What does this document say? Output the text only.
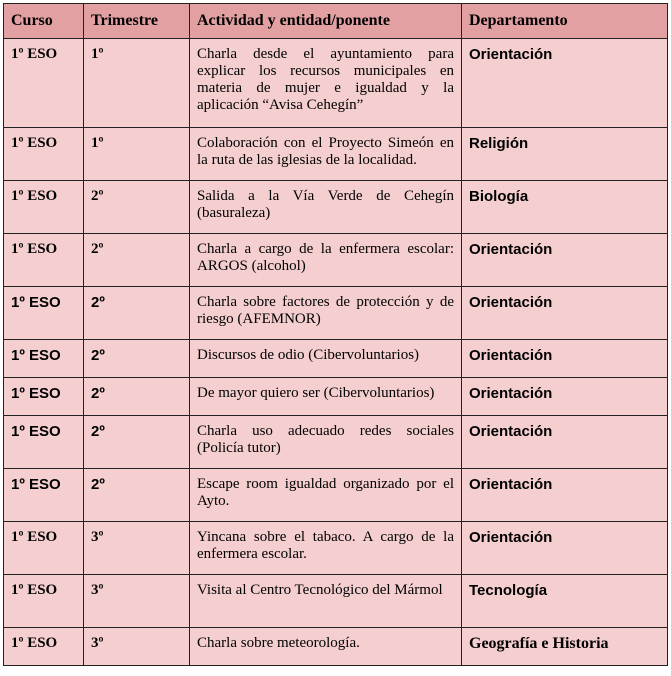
Curso	Trimestre	Actividad y entidad/ponente	Departamento
1º ESO	1º	Charla desde el ayuntamiento para explicar los recursos municipales en materia de mujer e igualdad y la aplicación “Avisa Cehegín”	Orientación
1º ESO	1º	Colaboración con el Proyecto Simeón en la ruta de las iglesias de la localidad.	Religión
1º ESO	2º	Salida a la Vía Verde de Cehegín (basuraleza)	Biología
1º ESO	2º	Charla a cargo de la enfermera escolar: ARGOS (alcohol)	Orientación
1º ESO	2º	Charla sobre factores de protección y de riesgo (AFEMNOR)	Orientación
1º ESO	2º	Discursos de odio (Cibervoluntarios)	Orientación
1º ESO	2º	De mayor quiero ser (Cibervoluntarios)	Orientación
1º ESO	2º	Charla uso adecuado redes sociales (Policía tutor)	Orientación
1º ESO	2º	Escape room igualdad organizado por el Ayto.	Orientación
1º ESO	3º	Yincana sobre el tabaco. A cargo de la enfermera escolar.	Orientación
1º ESO	3º	Visita al Centro Tecnológico del Mármol	Tecnología
1º ESO	3º	Charla sobre meteorología.	Geografía e Historia
